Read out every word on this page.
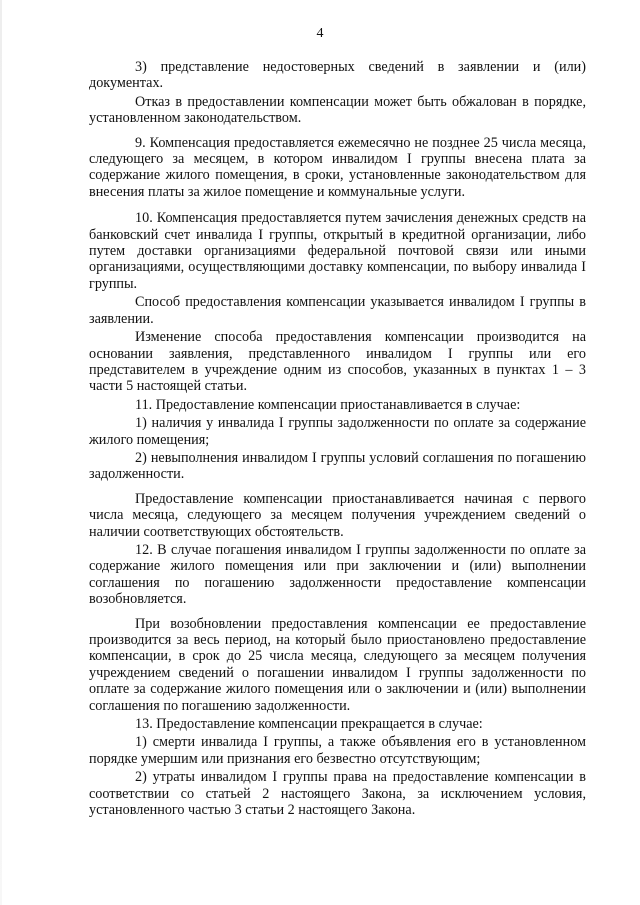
4

3) представление недостоверных сведений в заявлении и (или) документах.

Отказ в предоставлении компенсации может быть обжалован в порядке, установленном законодательством.

9. Компенсация предоставляется ежемесячно не позднее 25 числа месяца, следующего за месяцем, в котором инвалидом I группы внесена плата за содержание жилого помещения, в сроки, установленные законодательством для внесения платы за жилое помещение и коммунальные услуги.

10. Компенсация предоставляется путем зачисления денежных средств на банковский счет инвалида I группы, открытый в кредитной организации, либо путем доставки организациями федеральной почтовой связи или иными организациями, осуществляющими доставку компенсации, по выбору инвалида I группы.

Способ предоставления компенсации указывается инвалидом I группы в заявлении.

Изменение способа предоставления компенсации производится на основании заявления, представленного инвалидом I группы или его представителем в учреждение одним из способов, указанных в пунктах 1 – 3 части 5 настоящей статьи.

11. Предоставление компенсации приостанавливается в случае:

1) наличия у инвалида I группы задолженности по оплате за содержание жилого помещения;

2) невыполнения инвалидом I группы условий соглашения по погашению задолженности.

Предоставление компенсации приостанавливается начиная с первого числа месяца, следующего за месяцем получения учреждением сведений о наличии соответствующих обстоятельств.

12. В случае погашения инвалидом I группы задолженности по оплате за содержание жилого помещения или при заключении и (или) выполнении соглашения по погашению задолженности предоставление компенсации возобновляется.

При возобновлении предоставления компенсации ее предоставление производится за весь период, на который было приостановлено предоставление компенсации, в срок до 25 числа месяца, следующего за месяцем получения учреждением сведений о погашении инвалидом I группы задолженности по оплате за содержание жилого помещения или о заключении и (или) выполнении соглашения по погашению задолженности.

13. Предоставление компенсации прекращается в случае:

1) смерти инвалида I группы, а также объявления его в установленном порядке умершим или признания его безвестно отсутствующим;

2) утраты инвалидом I группы права на предоставление компенсации в соответствии со статьей 2 настоящего Закона, за исключением условия, установленного частью 3 статьи 2 настоящего Закона.
